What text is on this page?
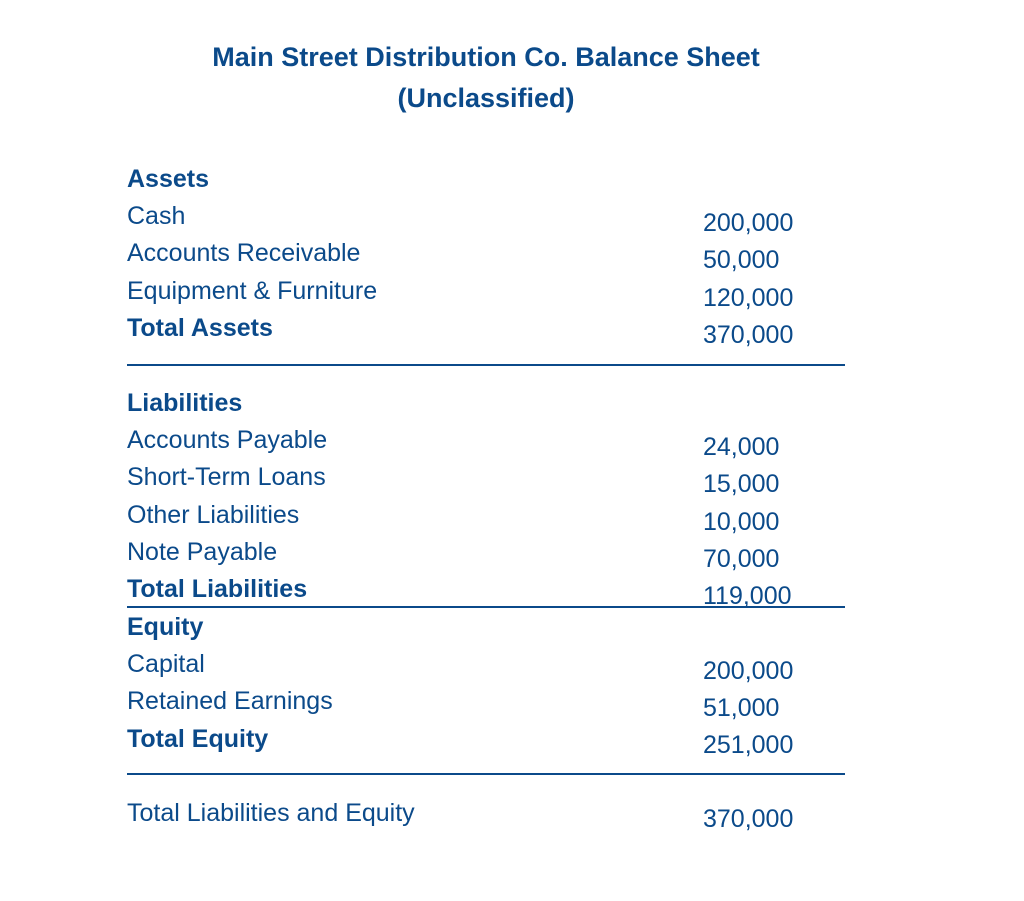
Main Street Distribution Co. Balance Sheet
(Unclassified)
Assets
Cash	200,000
Accounts Receivable	50,000
Equipment & Furniture	120,000
Total Assets	370,000
Liabilities
Accounts Payable	24,000
Short-Term Loans	15,000
Other Liabilities	10,000
Note Payable	70,000
Total Liabilities	119,000
Equity
Capital	200,000
Retained Earnings	51,000
Total Equity	251,000
Total Liabilities and Equity	370,000
